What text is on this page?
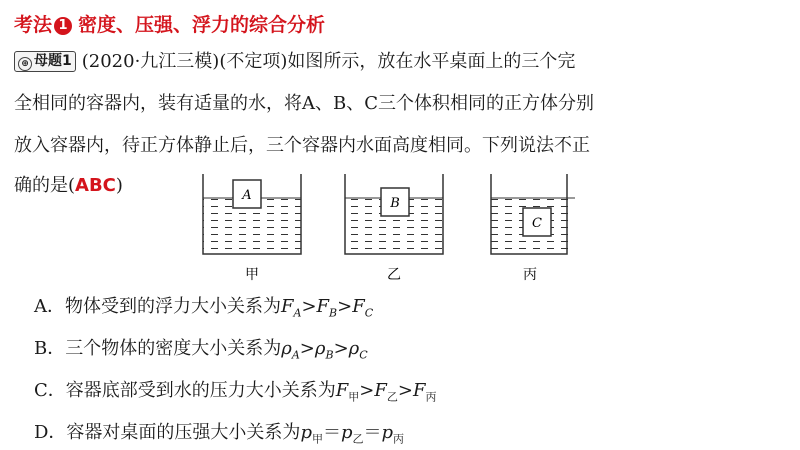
考法 1 密度、压强、浮力的综合分析
⊕ 母题1 (2020·九江三模)(不定项)如图所示，放在水平桌面上的三个完
全相同的容器内，装有适量的水，将A、B、C三个体积相同的正方体分别
放入容器内，待正方体静止后，三个容器内水面高度相同。下列说法不正
确的是(ABC)	A
甲
B
乙
C
丙
A．物体受到的浮力大小关系为$F_A>F_B>F_C$
B．三个物体的密度大小关系为$\rho_A>\rho_B>\rho_C$
C．容器底部受到水的压力大小关系为$F_甲>F_乙>F_丙$
D．容器对桌面的压强大小关系为$p_甲=p_乙=p_丙$
